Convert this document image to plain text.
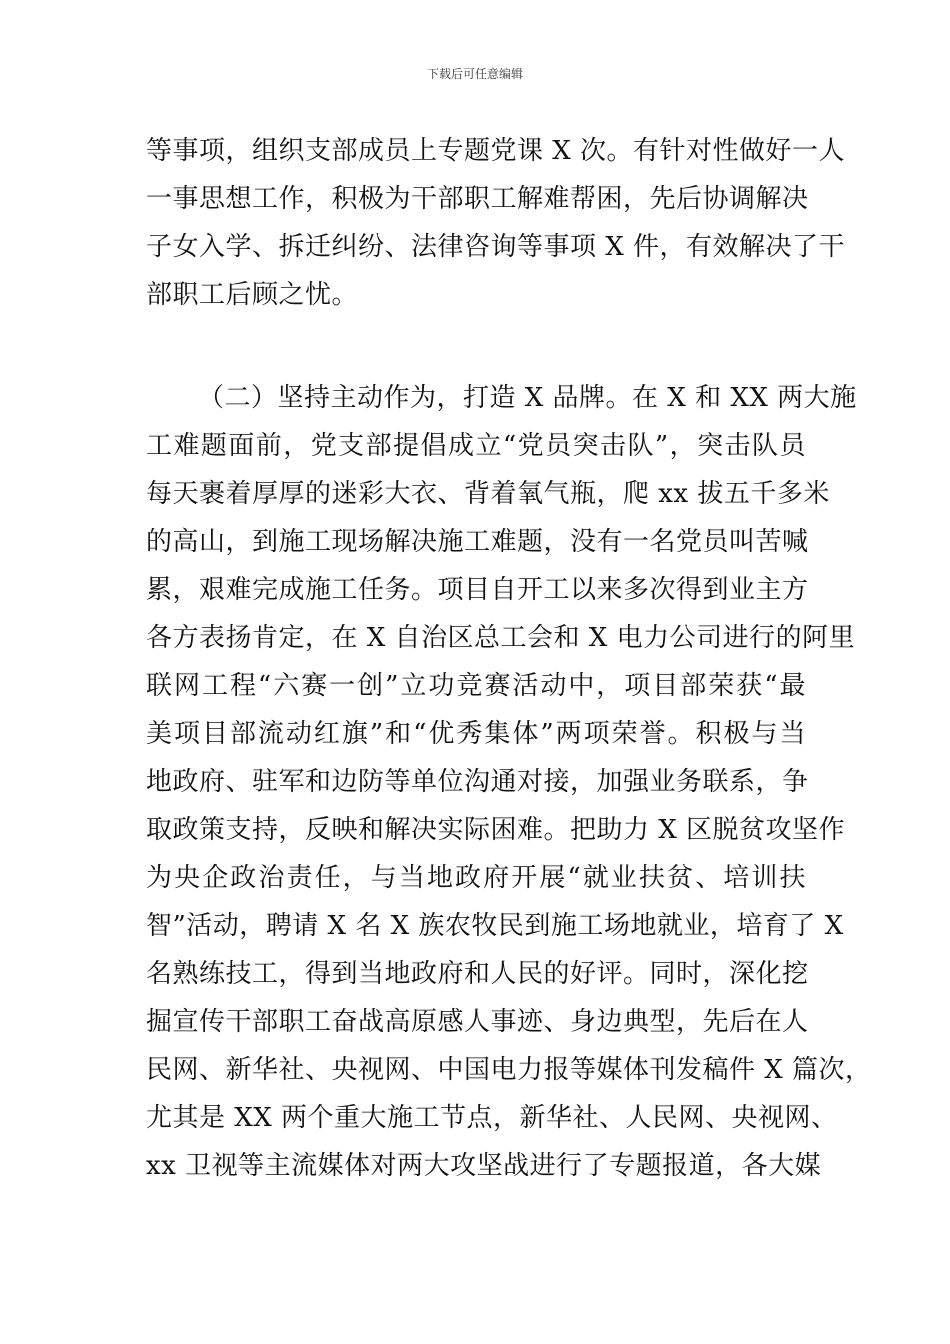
下载后可任意编辑
等事项，组织支部成员上专题党课 X 次。有针对性做好一人
一事思想工作，积极为干部职工解难帮困，先后协调解决
子女入学、拆迁纠纷、法律咨询等事项 X 件，有效解决了干
部职工后顾之忧。
（二）坚持主动作为，打造 X 品牌。在 X 和 XX 两大施
工难题面前，党支部提倡成立“党员突击队”，突击队员
每天裹着厚厚的迷彩大衣、背着氧气瓶，爬 xx 拔五千多米
的高山，到施工现场解决施工难题，没有一名党员叫苦喊
累，艰难完成施工任务。项目自开工以来多次得到业主方
各方表扬肯定，在 X 自治区总工会和 X 电力公司进行的阿里
联网工程“六赛一创”立功竞赛活动中，项目部荣获“最
美项目部流动红旗”和“优秀集体”两项荣誉。积极与当
地政府、驻军和边防等单位沟通对接，加强业务联系，争
取政策支持，反映和解决实际困难。把助力 X 区脱贫攻坚作
为央企政治责任，与当地政府开展“就业扶贫、培训扶
智”活动，聘请 X 名 X 族农牧民到施工场地就业，培育了 X
名熟练技工，得到当地政府和人民的好评。同时，深化挖
掘宣传干部职工奋战高原感人事迹、身边典型，先后在人
民网、新华社、央视网、中国电力报等媒体刊发稿件 X 篇次，
尤其是 XX 两个重大施工节点，新华社、人民网、央视网、
xx 卫视等主流媒体对两大攻坚战进行了专题报道，各大媒
